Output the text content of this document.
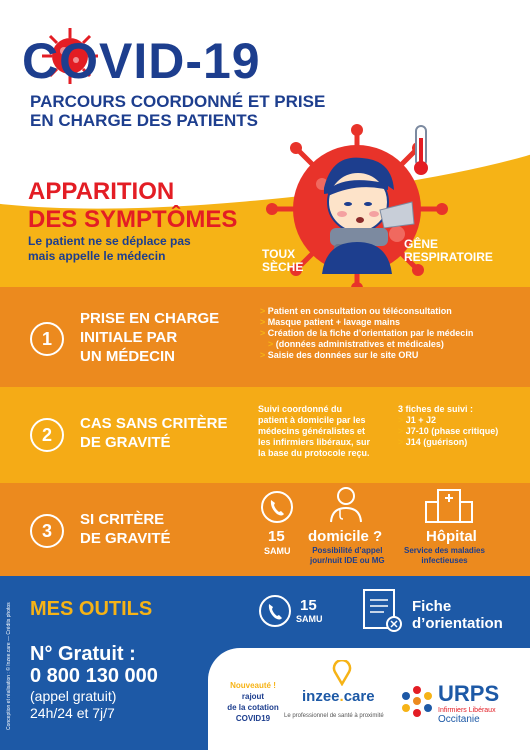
COVID-19
PARCOURS COORDONNÉ ET PRISE
EN CHARGE DES PATIENTS
APPARITION
DES SYMPTÔMES
Le patient ne se déplace pas
mais appelle le médecin
FATIGUE
FIÈVRE
TOUX
SÈCHE
GÊNE
RESPIRATOIRE
1
PRISE EN CHARGE
INITIALE PAR
UN MÉDECIN
> Patient en consultation ou téléconsultation
> Masque patient + lavage mains
> Création de la fiche d’orientation par le médecin
> (données administratives et médicales)
> Saisie des données sur le site ORU
2
CAS SANS CRITÈRE
DE GRAVITÉ
Suivi coordonné du
patient à domicile par les
médecins généralistes et
les infirmiers libéraux, sur
la base du protocole reçu.
3 fiches de suivi :
> J1 + J2
> J7-10 (phase critique)
> J14 (guérison)
3
SI CRITÈRE
DE GRAVITÉ	15
SAMU
domicile ?
Possibilité d’appel
jour/nuit IDE ou MG
Hôpital
Service des maladies
infectieuses
MES OUTILS	15
SAMU
Fiche
d’orientation
N° Gratuit :
0 800 130 000
(appel gratuit)
24h/24 et 7j/7
Conception et réalisation : © Inzee.care — Crédits photos	Nouveauté !
rajout
de la cotation
COVID19
inzee.care
Le professionnel de santé à proximité
URPS
Infirmiers Libéraux
Occitanie
